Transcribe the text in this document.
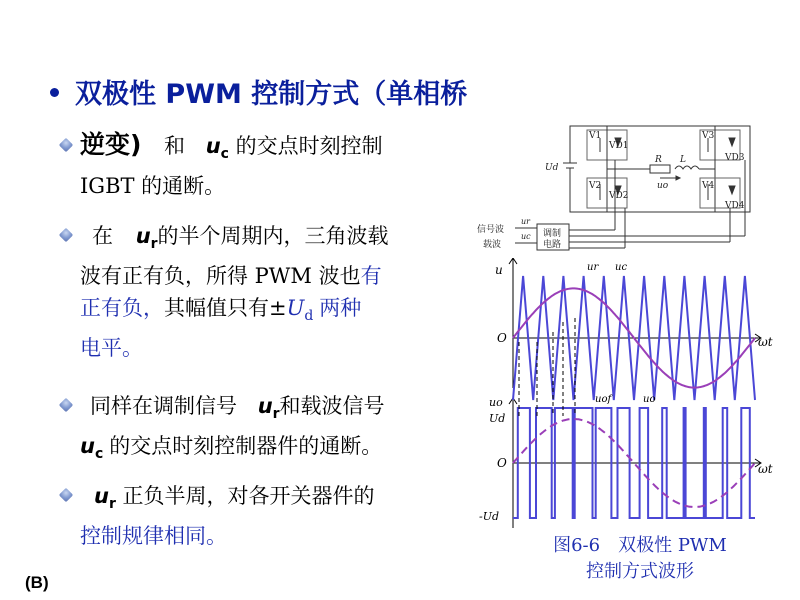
双极性 PWM 控制方式（单相桥
逆变)	和 $u_c$ 的交点时刻控制
IGBT 的通断。
在 $u_r$的半个周期内，三角波载
波有正有负，所得 PWM 波也有
正有负，其幅值只有$\pm U_d$ 两种
电平。
同样在调制信号 $u_r$和载波信号
$u_c$ 的交点时刻控制器件的通断。
$u_r$ 正负半周，对各开关器件的
控制规律相同。
V1
VD1
V2
VD2
V3
VD3
V4
VD4
R L
uo
Ud
信号波
载波
ur
uc 调制
电路
u	ur uc
O	ωt
uo
Ud
uof	uo
O	ωt
-Ud
图6-6　双极性 PWM
控制方式波形
(B)
